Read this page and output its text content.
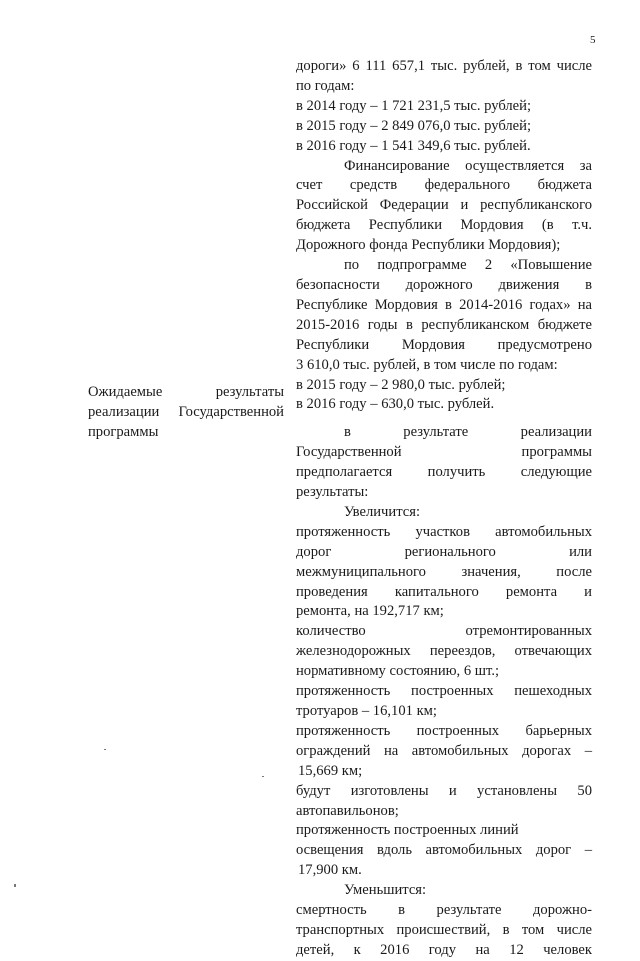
5

Ожидаемые результаты

реализации Государственной

программы

дороги» 6 111 657,1 тыс. рублей, в том числе

по годам:

в 2014 году – 1 721 231,5 тыс. рублей;

в 2015 году – 2 849 076,0 тыс. рублей;

в 2016 году – 1 541 349,6 тыс. рублей.

Финансирование осуществляется за

счет средств федерального бюджета

Российской Федерации и республиканского

бюджета Республики Мордовия (в т.ч.

Дорожного фонда Республики Мордовия);

по подпрограмме 2 «Повышение

безопасности дорожного движения в

Республике Мордовия в 2014-2016 годах» на

2015-2016 годы в республиканском бюджете

Республики Мордовия предусмотрено

3 610,0 тыс. рублей, в том числе по годам:

в 2015 году – 2 980,0 тыс. рублей;

в 2016 году – 630,0 тыс. рублей.

в результате реализации

Государственной программы

предполагается получить следующие

результаты:

Увеличится:

протяженность участков автомобильных

дорог регионального или

межмуниципального значения, после

проведения капитального ремонта и

ремонта, на 192,717 км;

количество отремонтированных

железнодорожных переездов, отвечающих

нормативному состоянию, 6 шт.;

протяженность построенных пешеходных

тротуаров – 16,101 км;

протяженность построенных барьерных

ограждений на автомобильных дорогах –

15,669 км;

будут изготовлены и установлены 50

автопавильонов;

протяженность построенных линий

освещения вдоль автомобильных дорог –

17,900 км.

Уменьшится:

смертность в результате дорожно-

транспортных происшествий, в том числе

детей, к 2016 году на 12 человек
